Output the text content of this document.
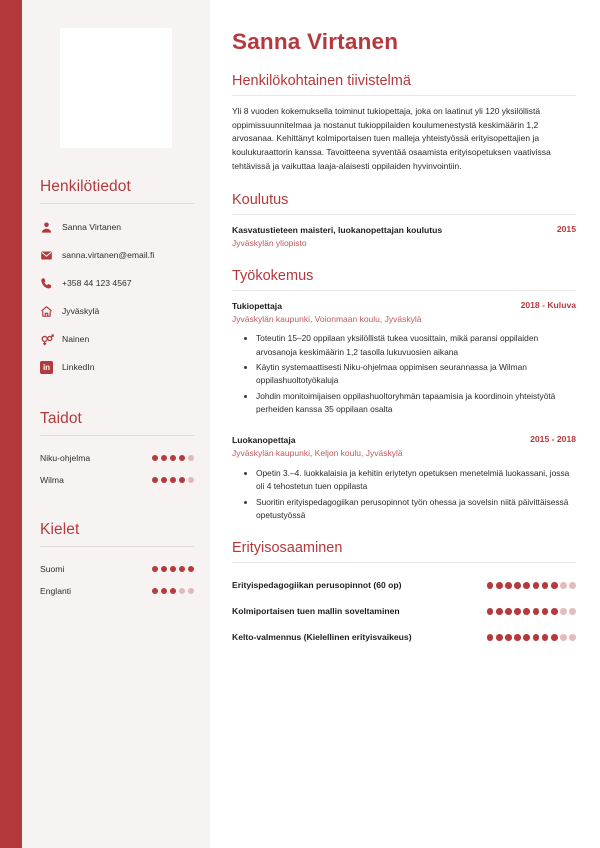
Henkilötiedot
Sanna Virtanen
sanna.virtanen@email.fi
+358 44 123 4567
Jyväskylä
Nainen
in	LinkedIn
Taidot
Niku-ohjelma
Wilma
Kielet
Suomi
Englanti
Sanna Virtanen
Henkilökohtainen tiivistelmä

Yli 8 vuoden kokemuksella toiminut tukiopettaja, joka on laatinut yli 120 yksilöllistä oppimissuunnitelmaa ja nostanut tukioppilaiden koulumenestystä keskimäärin 1,2 arvosanaa. Kehittänyt kolmiportaisen tuen malleja yhteistyössä erityisopettajien ja koulukuraattorin kanssa. Tavoitteena syventää osaamista erityisopetuksen vaativissa tehtävissä ja vaikuttaa laaja-alaisesti oppilaiden hyvinvointiin.

Koulutus
Kasvatustieteen maisteri, luokanopettajan koulutus	2015
Jyväskylän yliopisto
Työkokemus
Tukiopettaja	2018 - Kuluva
Jyväskylän kaupunki, Voionmaan koulu, Jyväskylä
Toteutin 15–20 oppilaan yksilöllistä tukea vuosittain, mikä paransi oppilaiden arvosanoja keskimäärin 1,2 tasolla lukuvuosien aikana
Käytin systemaattisesti Niku-ohjelmaa oppimisen seurannassa ja Wilman oppilashuoltotyökaluja
Johdin monitoimijaisen oppilashuoltoryhmän tapaamisia ja koordinoin yhteistyötä perheiden kanssa 35 oppilaan osalta
Luokanopettaja	2015 - 2018
Jyväskylän kaupunki, Keljon koulu, Jyväskylä
Opetin 3.–4. luokkalaisia ja kehitin eriytetyn opetuksen menetelmiä luokassani, jossa oli 4 tehostetun tuen oppilasta
Suoritin erityispedagogiikan perusopinnot työn ohessa ja sovelsin niitä päivittäisessä opetustyössä
Erityisosaaminen
Erityispedagogiikan perusopinnot (60 op)
Kolmiportaisen tuen mallin soveltaminen
Kelto-valmennus (Kielellinen erityisvaikeus)
